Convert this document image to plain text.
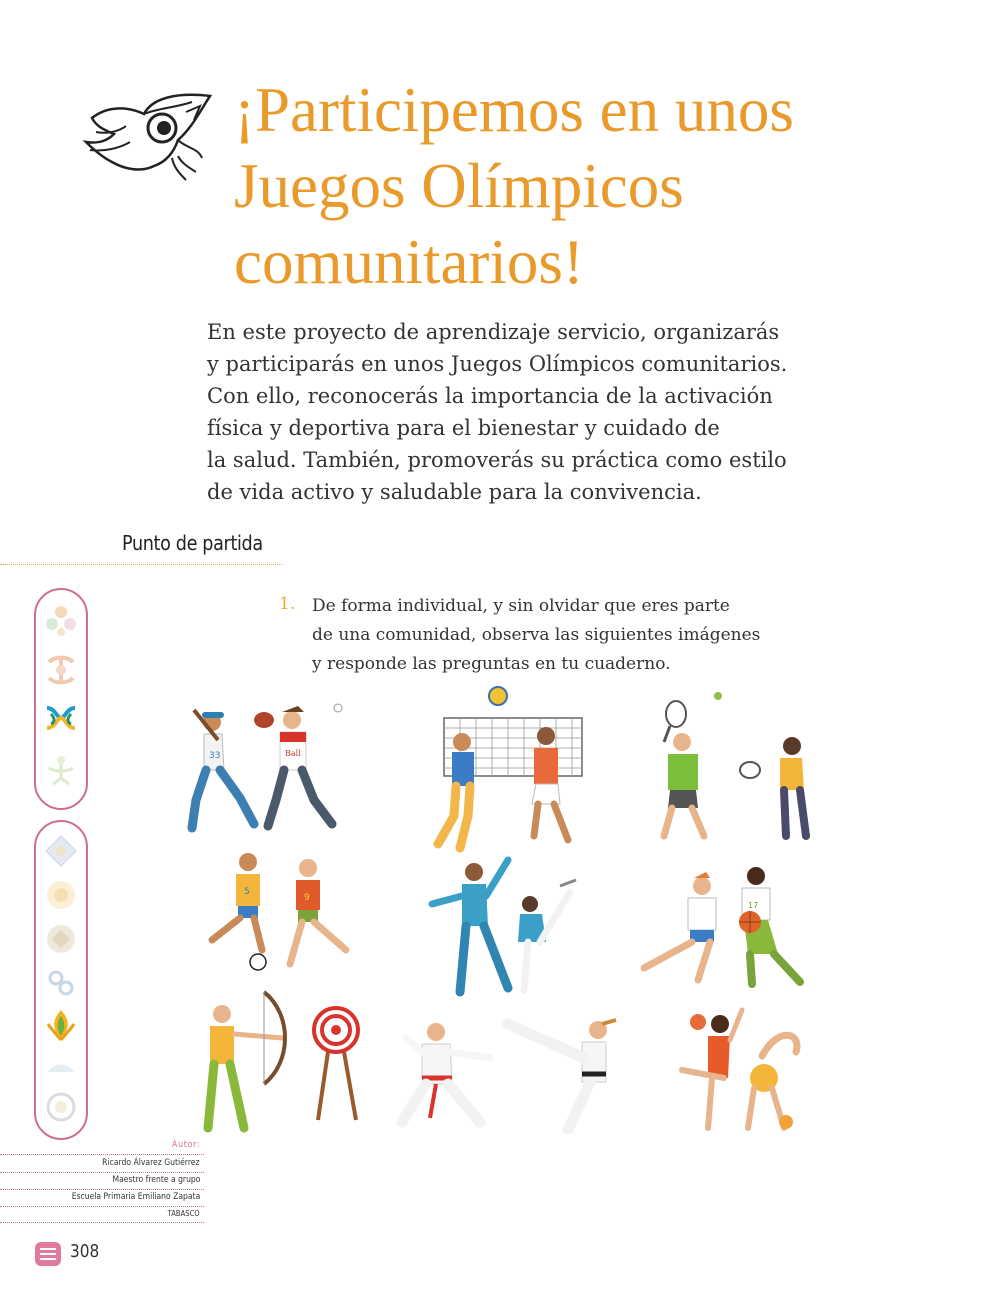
¡Participemos en unos
Juegos Olímpicos
comunitarios!
En este proyecto de aprendizaje servicio, organizarás
y participarás en unos Juegos Olímpicos comunitarios.
Con ello, reconocerás la importancia de la activación
física y deportiva para el bienestar y cuidado de
la salud. También, promoverás su práctica como estilo
de vida activo y saludable para la convivencia.
Punto de partida
1. De forma individual, y sin olvidar que eres parte
de una comunidad, observa las siguientes imágenes
y responde las preguntas en tu cuaderno.
33	Ball
5
9
17
Autor:
Ricardo Álvarez Gutiérrez
Maestro frente a grupo
Escuela Primaria Emiliano Zapata
TABASCO
308
